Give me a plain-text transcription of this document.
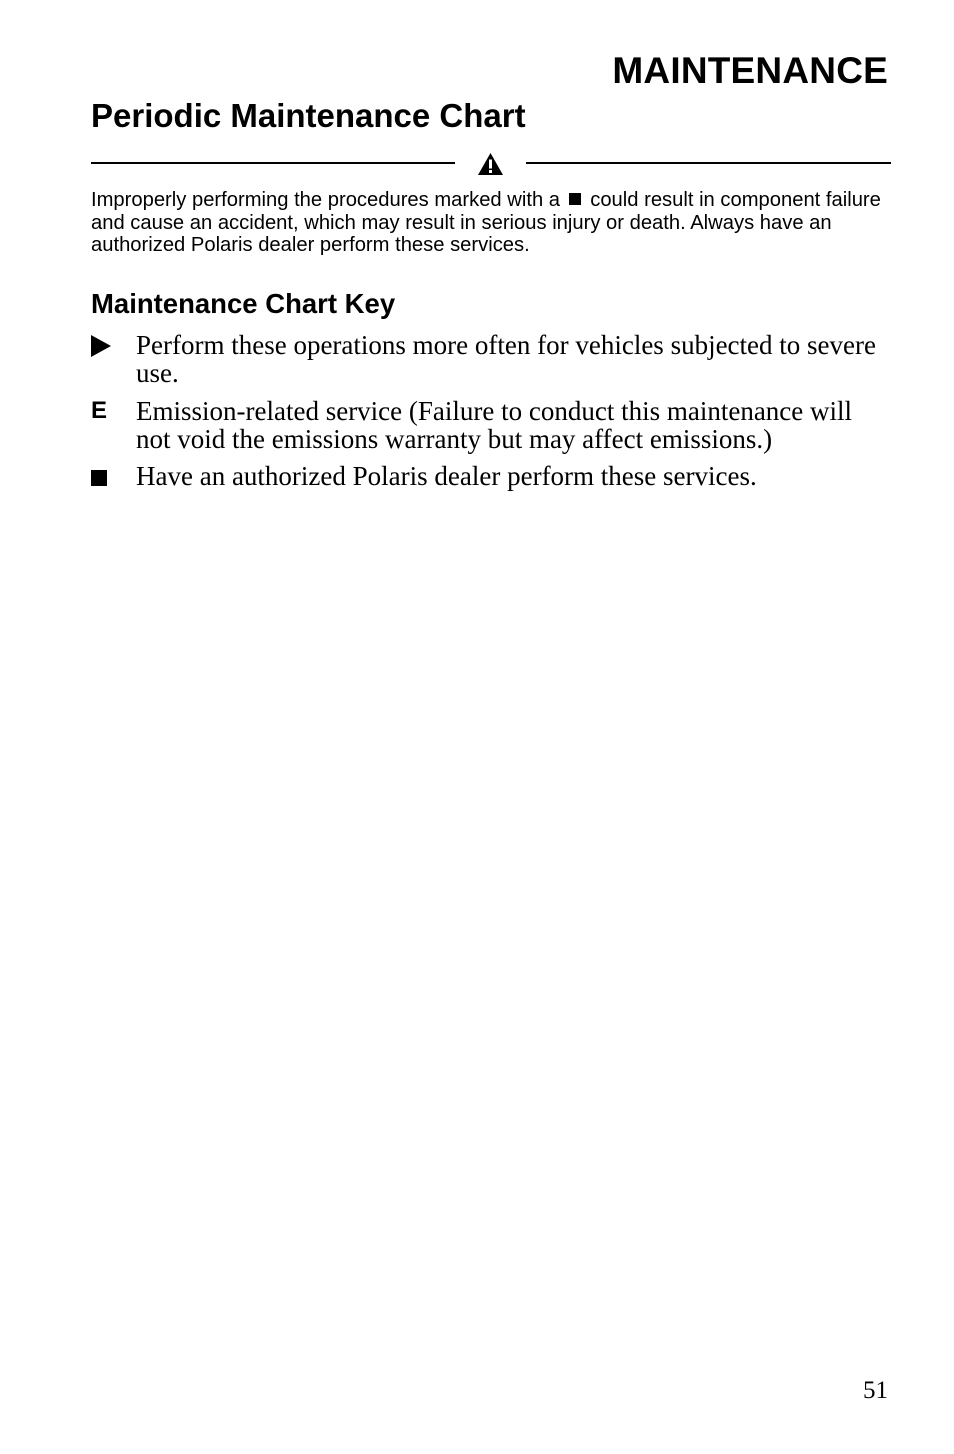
MAINTENANCE
Periodic Maintenance Chart
Improperly performing the procedures marked with a could result in component failure and cause an accident, which may result in serious injury or death. Always have an authorized Polaris dealer perform these services.
Maintenance Chart Key
Perform these operations more often for vehicles subjected to severe use.
E Emission-related service (Failure to conduct this maintenance will not void the emissions warranty but may affect emissions.)
Have an authorized Polaris dealer perform these services.
51
